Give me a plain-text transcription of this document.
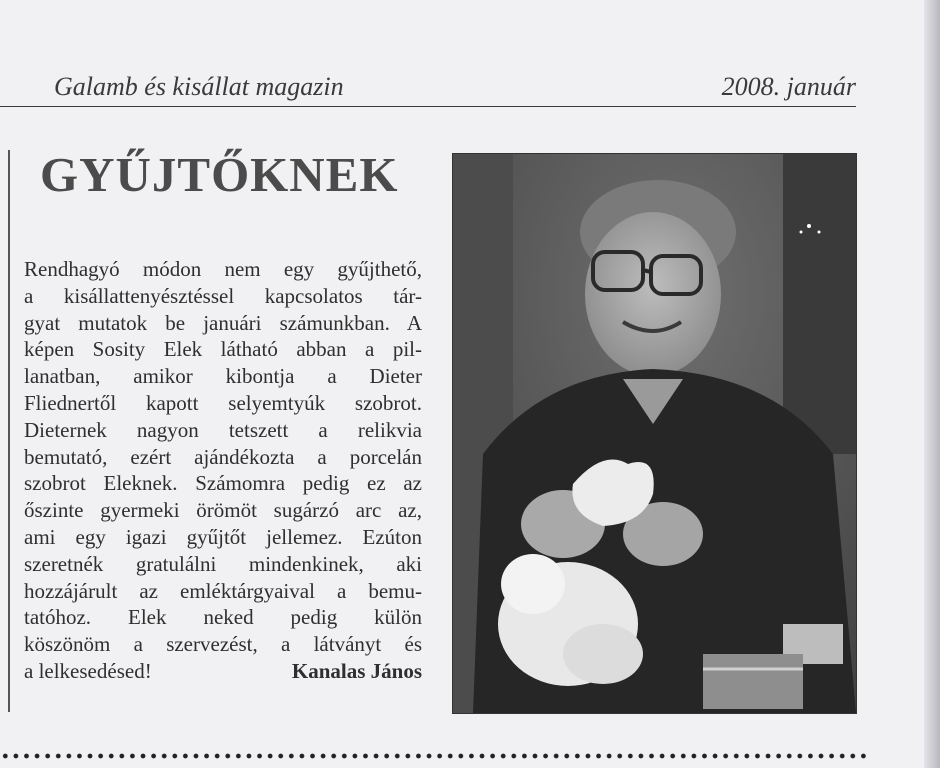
Galamb és kisállat magazin	2008. január
GYŰJTŐKNEK
Rendhagyó módon nem egy gyűjthető,
a kisállattenyésztéssel kapcsolatos tár-
gyat mutatok be januári számunkban. A
képen Sosity Elek látható abban a pil-
lanatban, amikor kibontja a Dieter
Fliednertől kapott selyemtyúk szobrot.
Dieternek nagyon tetszett a relikvia
bemutató, ezért ajándékozta a porcelán
szobrot Eleknek. Számomra pedig ez az
őszinte gyermeki örömöt sugárzó arc az,
ami egy igazi gyűjtőt jellemez. Ezúton
szeretnék gratulálni mindenkinek, aki
hozzájárult az emléktárgyaival a bemu-
tatóhoz. Elek neked pedig külön
köszönöm a szervezést, a látványt és
a lelkesedésed!	Kanalas János
